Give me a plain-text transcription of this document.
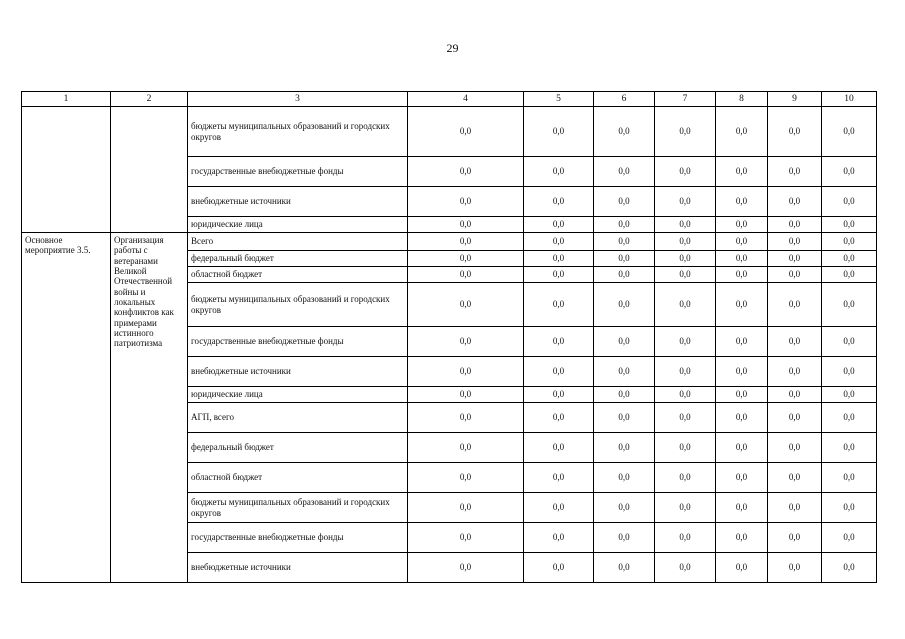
29
1	2	3	4	5	6	7	8	9	10
		бюджеты муниципальных образований и городских округов	0,0	0,0	0,0	0,0	0,0	0,0	0,0
		государственные внебюджетные фонды	0,0	0,0	0,0	0,0	0,0	0,0	0,0
		внебюджетные источники	0,0	0,0	0,0	0,0	0,0	0,0	0,0
		юридические лица	0,0	0,0	0,0	0,0	0,0	0,0	0,0
Основное мероприятие 3.5.	Организация работы с ветеранами Великой Отечественной войны и локальных конфликтов как примерами истинного патриотизма	Всего	0,0	0,0	0,0	0,0	0,0	0,0	0,0
		федеральный бюджет	0,0	0,0	0,0	0,0	0,0	0,0	0,0
		областной бюджет	0,0	0,0	0,0	0,0	0,0	0,0	0,0
		бюджеты муниципальных образований и городских округов	0,0	0,0	0,0	0,0	0,0	0,0	0,0
		государственные внебюджетные фонды	0,0	0,0	0,0	0,0	0,0	0,0	0,0
		внебюджетные источники	0,0	0,0	0,0	0,0	0,0	0,0	0,0
		юридические лица	0,0	0,0	0,0	0,0	0,0	0,0	0,0
		АГП, всего	0,0	0,0	0,0	0,0	0,0	0,0	0,0
		федеральный бюджет	0,0	0,0	0,0	0,0	0,0	0,0	0,0
		областной бюджет	0,0	0,0	0,0	0,0	0,0	0,0	0,0
		бюджеты муниципальных образований и городских округов	0,0	0,0	0,0	0,0	0,0	0,0	0,0
		государственные внебюджетные фонды	0,0	0,0	0,0	0,0	0,0	0,0	0,0
		внебюджетные источники	0,0	0,0	0,0	0,0	0,0	0,0	0,0
